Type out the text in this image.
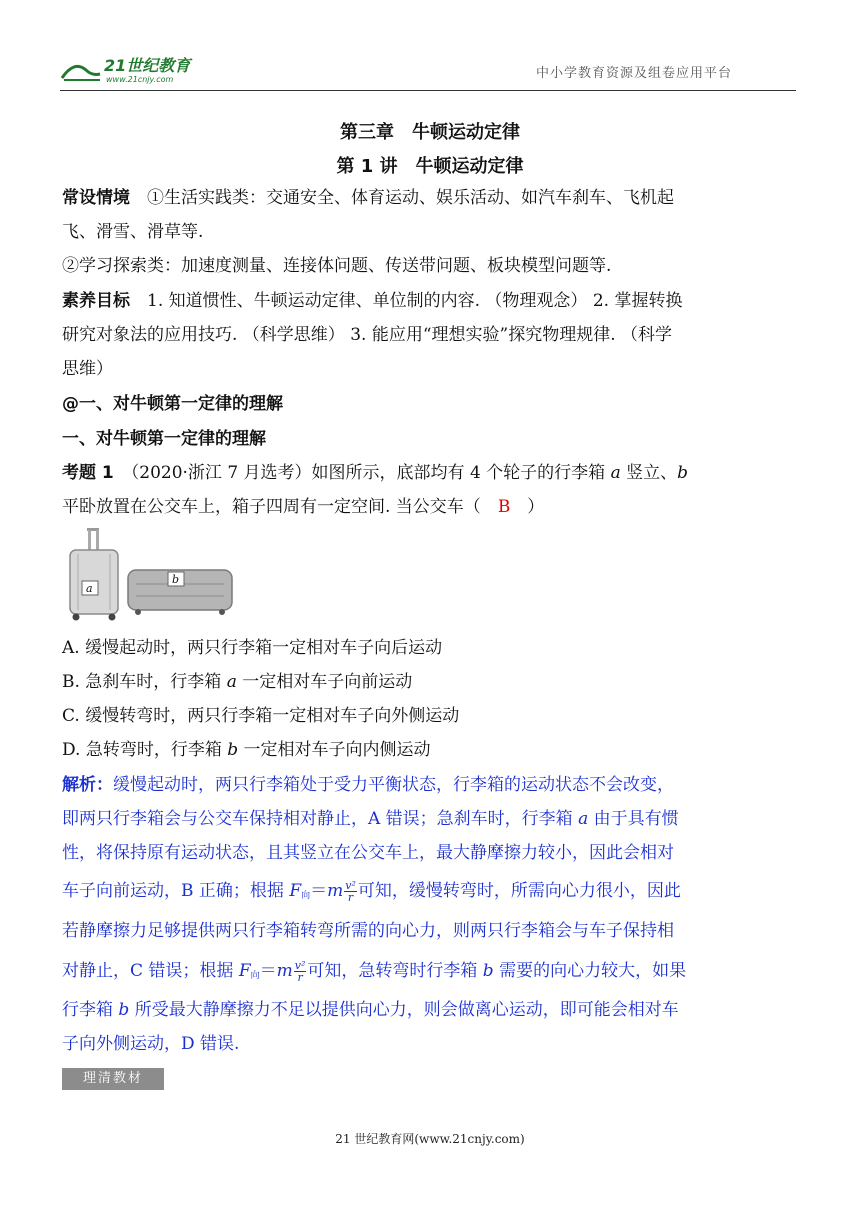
21世纪教育
www.21cnjy.com	中小学教育资源及组卷应用平台
第三章　牛顿运动定律
第 1 讲　牛顿运动定律
常设情境　①生活实践类：交通安全、体育运动、娱乐活动、如汽车刹车、飞机起
飞、滑雪、滑草等.
②学习探索类：加速度测量、连接体问题、传送带问题、板块模型问题等.
素养目标　1. 知道惯性、牛顿运动定律、单位制的内容. （物理观念） 2. 掌握转换
研究对象法的应用技巧. （科学思维） 3. 能应用“理想实验”探究物理规律. （科学
思维）
@一、对牛顿第一定律的理解
一、对牛顿第一定律的理解
考题 1　（2020·浙江 7 月选考）如图所示，底部均有 4 个轮子的行李箱 a 竖立、b
平卧放置在公交车上，箱子四周有一定空间. 当公交车（　B　）
a
b
A. 缓慢起动时，两只行李箱一定相对车子向后运动
B. 急刹车时，行李箱 a 一定相对车子向前运动
C. 缓慢转弯时，两只行李箱一定相对车子向外侧运动
D. 急转弯时，行李箱 b 一定相对车子向内侧运动
解析：缓慢起动时，两只行李箱处于受力平衡状态，行李箱的运动状态不会改变，
即两只行李箱会与公交车保持相对静止，A 错误；急刹车时，行李箱 a 由于具有惯
性，将保持原有运动状态，且其竖立在公交车上，最大静摩擦力较小，因此会相对
车子向前运动，B 正确；根据 $F_向=m \frac{\text{v²}}{r}$ 可知，缓慢转弯时，所需向心力很小，因此
若静摩擦力足够提供两只行李箱转弯所需的向心力，则两只行李箱会与车子保持相
对静止，C 错误；根据 $F_向=m \frac{\text{v²}}{r}$ 可知，急转弯时行李箱 b 需要的向心力较大，如果
行李箱 b 所受最大静摩擦力不足以提供向心力，则会做离心运动，即可能会相对车
子向外侧运动，D 错误.
理清教材
21 世纪教育网(www.21cnjy.com)
